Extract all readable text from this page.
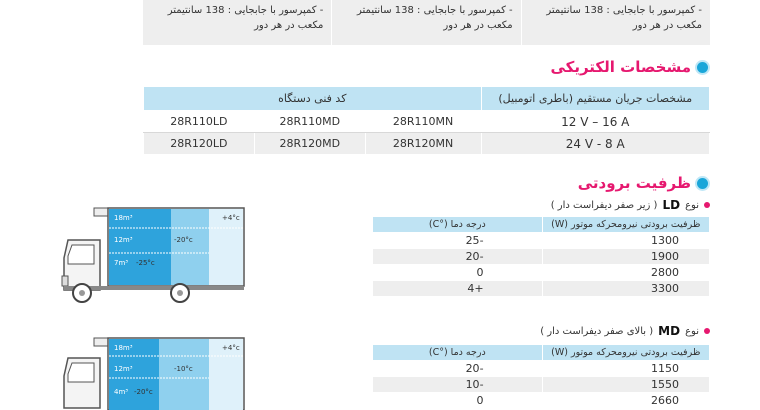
- کمپرسور با جابجایی : 138 سانتیمتر مکعب در هر دور
- کمپرسور با جابجایی : 138 سانتیمتر مکعب در هر دور
- کمپرسور با جابجایی : 138 سانتیمتر مکعب در هر دور
مشخصات الکتریکی
کد فنی دستگاه			مشخصات جریان مستقیم (باطری اتومبیل)
28R110LD	28R110MD	28R110MN	12 V – 16 A
28R120LD	28R120MD	28R120MN	24 V - 8 A
ظرفیت برودتی
نوع
LD
( زیر صفر دیفراست دار )
ظرفیت برودتی نیرومحرکه موتور (W)	درجه دما (°C)
1300	-25
1900	-20
2800	0
3300	+4
نوع
MD
( بالای صفر دیفراست دار )
ظرفیت برودتی نیرومحرکه موتور (W)	درجه دما (°C)
1150	-20
1550	-10
2660	0
18m³
12m³
7m³
+4°c
-20°c
-25°c
18m³
12m³
4m³
+4°c
-10°c
-20°c
